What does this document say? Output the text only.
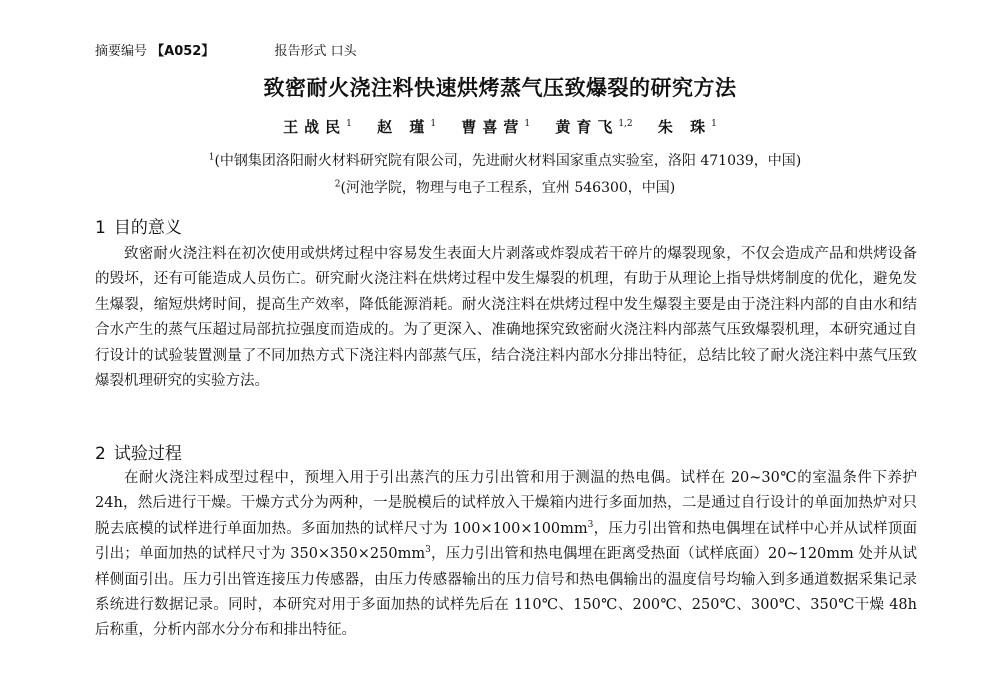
摘要编号 【A052】	报告形式 口头
致密耐火浇注料快速烘烤蒸气压致爆裂的研究方法
王战民$^1$ 赵 瑾$^1$ 曹喜营$^1$ 黄育飞$^{1,2}$ 朱 珠$^1$
$^1$(中钢集团洛阳耐火材料研究院有限公司，先进耐火材料国家重点实验室，洛阳 471039，中国)
$^2$(河池学院，物理与电子工程系，宜州 546300，中国)
1 目的意义
致密耐火浇注料在初次使用或烘烤过程中容易发生表面大片剥落或炸裂成若干碎片的爆裂现象，不仅会造成产品和烘烤设备的毁坏，还有可能造成人员伤亡。研究耐火浇注料在烘烤过程中发生爆裂的机理，有助于从理论上指导烘烤制度的优化，避免发生爆裂，缩短烘烤时间，提高生产效率，降低能源消耗。耐火浇注料在烘烤过程中发生爆裂主要是由于浇注料内部的自由水和结合水产生的蒸气压超过局部抗拉强度而造成的。为了更深入、准确地探究致密耐火浇注料内部蒸气压致爆裂机理，本研究通过自行设计的试验装置测量了不同加热方式下浇注料内部蒸气压，结合浇注料内部水分排出特征，总结比较了耐火浇注料中蒸气压致爆裂机理研究的实验方法。
2 试验过程
在耐火浇注料成型过程中，预埋入用于引出蒸汽的压力引出管和用于测温的热电偶。试样在 20~30℃的室温条件下养护 24h，然后进行干燥。干燥方式分为两种，一是脱模后的试样放入干燥箱内进行多面加热，二是通过自行设计的单面加热炉对只脱去底模的试样进行单面加热。多面加热的试样尺寸为 $100\times 100\times 100mm^3$，压力引出管和热电偶埋在试样中心并从试样顶面引出；单面加热的试样尺寸为 $350\times 350\times 250mm^3$，压力引出管和热电偶埋在距离受热面（试样底面）20~120mm 处并从试样侧面引出。压力引出管连接压力传感器，由压力传感器输出的压力信号和热电偶输出的温度信号均输入到多通道数据采集记录系统进行数据记录。同时，本研究对用于多面加热的试样先后在 110℃、150℃、200℃、250℃、300℃、350℃干燥 48h 后称重，分析内部水分分布和排出特征。
